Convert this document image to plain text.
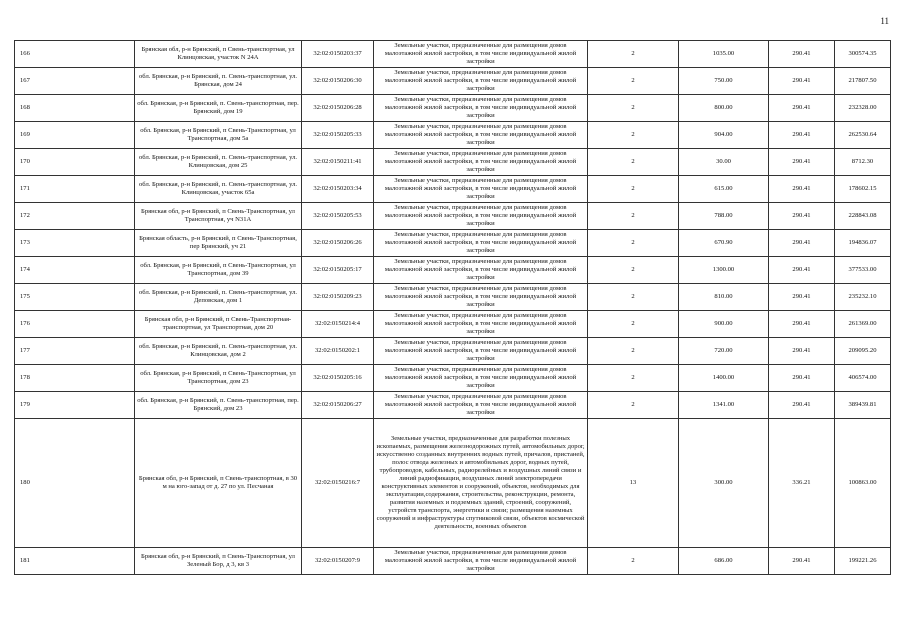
11
166	Брянская обл, р-н Брянский, п Свень-транспортная, ул Клинцовская, участок N 24А	32:02:0150203:37	Земельные участки, предназначенные для размещения домов малоэтажной жилой застройки, в том числе индивидуальной жилой застройки	2	1035.00	290.41	300574.35
167	обл. Брянская, р-н Брянский, п. Свень-транспортная, ул. Брянская, дом 24	32:02:0150206:30	Земельные участки, предназначенные для размещения домов малоэтажной жилой застройки, в том числе индивидуальной жилой застройки	2	750.00	290.41	217807.50
168	обл. Брянская, р-н Брянский, п. Свень-транспортная, пер. Брянский, дом 19	32:02:0150206:28	Земельные участки, предназначенные для размещения домов малоэтажной жилой застройки, в том числе индивидуальной жилой застройки	2	800.00	290.41	232328.00
169	обл. Брянская, р-н Брянский, п Свень-Транспортная, ул Транспортная, дом 5а	32:02:0150205:33	Земельные участки, предназначенные для размещения домов малоэтажной жилой застройки, в том числе индивидуальной жилой застройки	2	904.00	290.41	262530.64
170	обл. Брянская, р-н Брянский, п. Свень-транспортная, ул. Клинцовская, дом 25	32:02:0150211:41	Земельные участки, предназначенные для размещения домов малоэтажной жилой застройки, в том числе индивидуальной жилой застройки	2	30.00	290.41	8712.30
171	обл. Брянская, р-н Брянский, п. Свень-транспортная, ул. Клинцовская, участок 65а	32:02:0150203:34	Земельные участки, предназначенные для размещения домов малоэтажной жилой застройки, в том числе индивидуальной жилой застройки	2	615.00	290.41	178602.15
172	Брянская обл, р-н Брянский, п Свень-Транспортная, ул Транспортная, уч N31А	32:02:0150205:53	Земельные участки, предназначенные для размещения домов малоэтажной жилой застройки, в том числе индивидуальной жилой застройки	2	788.00	290.41	228843.08
173	Брянская область, р-н Брянский, п Свень-Транспортная, пер Брянский, уч 21	32:02:0150206:26	Земельные участки, предназначенные для размещения домов малоэтажной жилой застройки, в том числе индивидуальной жилой застройки	2	670.90	290.41	194836.07
174	обл. Брянская, р-н Брянский, п Свень-Транспортная, ул Транспортная, дом 39	32:02:0150205:17	Земельные участки, предназначенные для размещения домов малоэтажной жилой застройки, в том числе индивидуальной жилой застройки	2	1300.00	290.41	377533.00
175	обл. Брянская, р-н Брянский, п. Свень-транспортная, ул. Деповская, дом 1	32:02:0150209:23	Земельные участки, предназначенные для размещения домов малоэтажной жилой застройки, в том числе индивидуальной жилой застройки	2	810.00	290.41	235232.10
176	Брянская обл, р-н Брянский, п Свень-Транспортная-транспортная, ул Транспортная, дом 20	32:02:0150214:4	Земельные участки, предназначенные для размещения домов малоэтажной жилой застройки, в том числе индивидуальной жилой застройки	2	900.00	290.41	261369.00
177	обл. Брянская, р-н Брянский, п. Свень-транспортная, ул. Клинцовская, дом 2	32:02:0150202:1	Земельные участки, предназначенные для размещения домов малоэтажной жилой застройки, в том числе индивидуальной жилой застройки	2	720.00	290.41	209095.20
178	обл. Брянская, р-н Брянский, п Свень-Транспортная, ул Транспортная, дом 23	32:02:0150205:16	Земельные участки, предназначенные для размещения домов малоэтажной жилой застройки, в том числе индивидуальной жилой застройки	2	1400.00	290.41	406574.00
179	обл. Брянская, р-н Брянский, п. Свень-транспортная, пер. Брянский, дом 23	32:02:0150206:27	Земельные участки, предназначенные для размещения домов малоэтажной жилой застройки, в том числе индивидуальной жилой застройки	2	1341.00	290.41	389439.81
180	Брянская обл, р-н Брянский, п Свень-транспортная, в 30 м на юго-запад от д. 27 по ул. Песчаная	32:02:0150216:7	Земельные участки, предназначенные для разработки полезных ископаемых, размещения железнодорожных путей, автомобильных дорог, искусственно созданных внутренних водных путей, причалов, пристаней, полос отвода железных и автомобильных дорог, водных путей, трубопроводов, кабельных, радиорелейных и воздушных линий связи и линий радиофикации, воздушных линий электропередачи конструктивных элементов и сооружений, объектов, необходимых для эксплуатации,содержания, строительства, реконструкции, ремонта, развития наземных и подземных зданий, строений, сооружений, устройств транспорта, энергетики и связи; размещения наземных сооружений и инфраструктуры спутниковой связи, объектов космической деятельности, военных объектов	13	300.00	336.21	100863.00
181	Брянская обл, р-н Брянский, п Свень-Транспортная, ул Зеленый Бор, д 3, кв 3	32:02:0150207:9	Земельные участки, предназначенные для размещения домов малоэтажной жилой застройки, в том числе индивидуальной жилой застройки	2	686.00	290.41	199221.26
